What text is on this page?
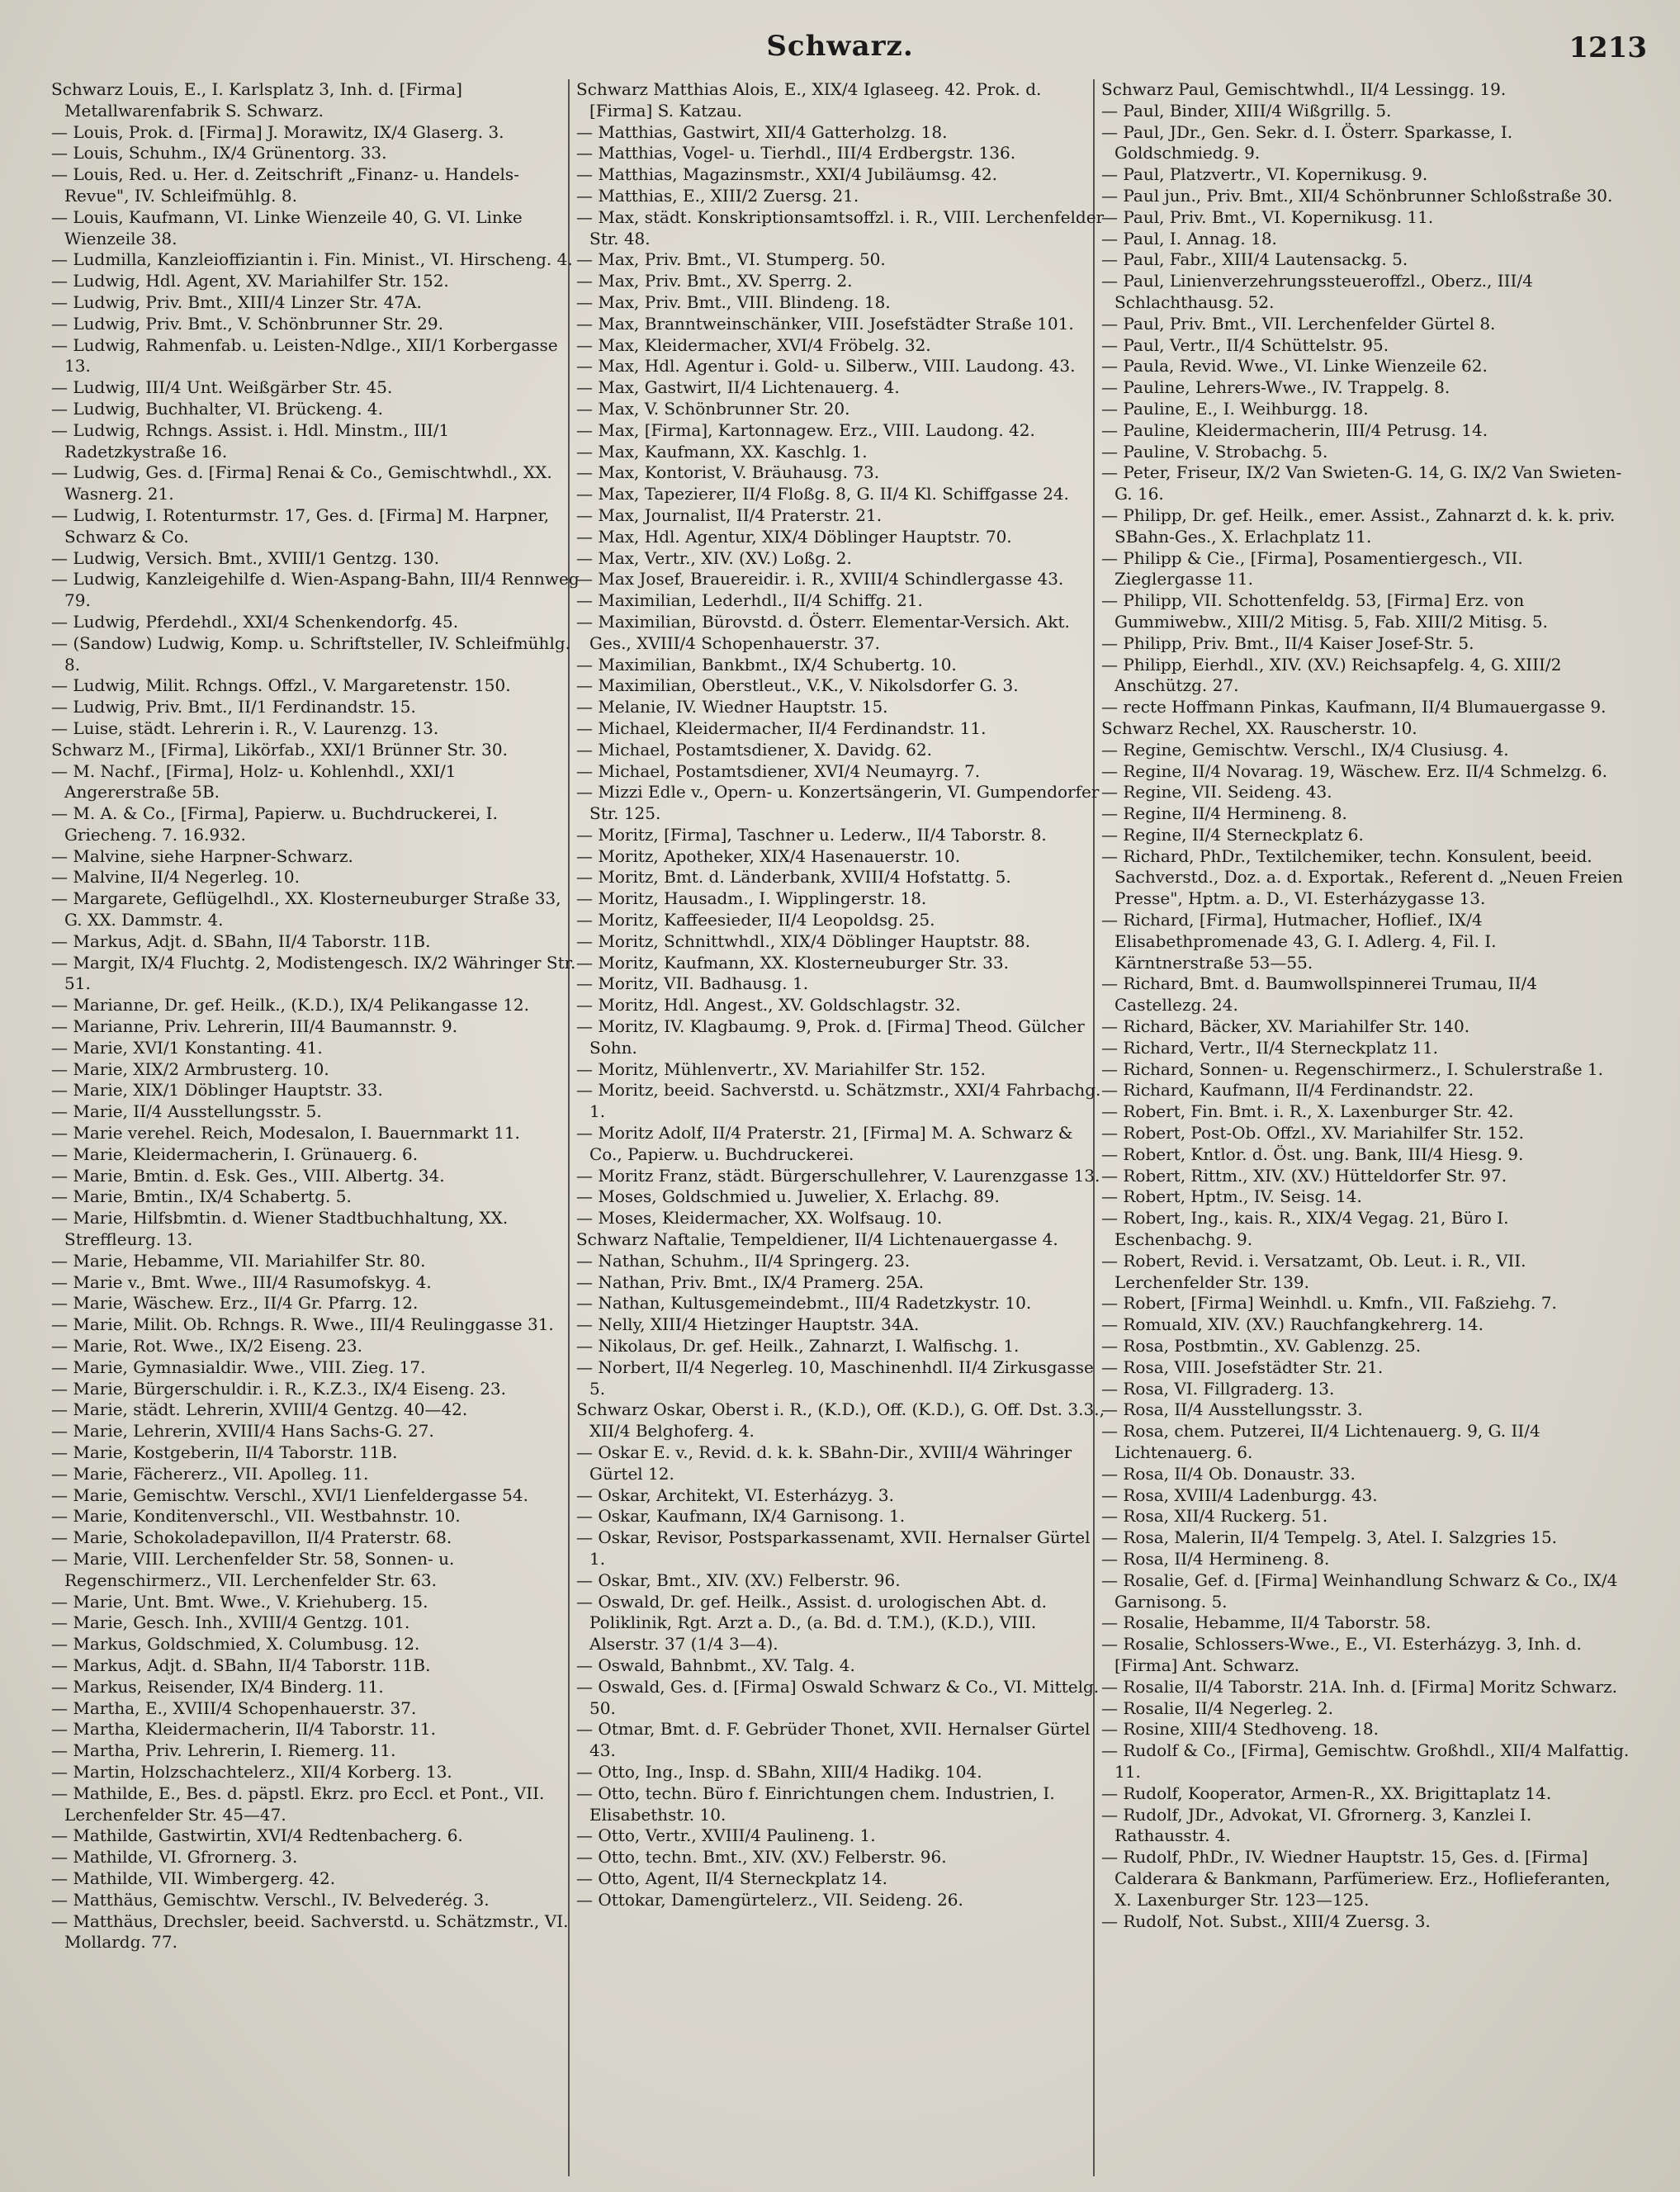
Schwarz.	1213

Schwarz Louis, E., I. Karlsplatz 3, Inh. d. [Firma] Metallwarenfabrik S. Schwarz.

— Louis, Prok. d. [Firma] J. Morawitz, IX/4 Glaserg. 3.

— Louis, Schuhm., IX/4 Grünentorg. 33.

— Louis, Red. u. Her. d. Zeitschrift „Finanz- u. Handels-Revue", IV. Schleifmühlg. 8.

— Louis, Kaufmann, VI. Linke Wienzeile 40, G. VI. Linke Wienzeile 38.

— Ludmilla, Kanzleioffiziantin i. Fin. Minist., VI. Hirscheng. 4.

— Ludwig, Hdl. Agent, XV. Mariahilfer Str. 152.

— Ludwig, Priv. Bmt., XIII/4 Linzer Str. 47A.

— Ludwig, Priv. Bmt., V. Schönbrunner Str. 29.

— Ludwig, Rahmenfab. u. Leisten-Ndlge., XII/1 Korbergasse 13.

— Ludwig, III/4 Unt. Weißgärber Str. 45.

— Ludwig, Buchhalter, VI. Brückeng. 4.

— Ludwig, Rchngs. Assist. i. Hdl. Minstm., III/1 Radetzkystraße 16.

— Ludwig, Ges. d. [Firma] Renai & Co., Gemischtwhdl., XX. Wasnerg. 21.

— Ludwig, I. Rotenturmstr. 17, Ges. d. [Firma] M. Harpner, Schwarz & Co.

— Ludwig, Versich. Bmt., XVIII/1 Gentzg. 130.

— Ludwig, Kanzleigehilfe d. Wien-Aspang-Bahn, III/4 Rennweg 79.

— Ludwig, Pferdehdl., XXI/4 Schenkendorfg. 45.

— (Sandow) Ludwig, Komp. u. Schriftsteller, IV. Schleifmühlg. 8.

— Ludwig, Milit. Rchngs. Offzl., V. Margaretenstr. 150.

— Ludwig, Priv. Bmt., II/1 Ferdinandstr. 15.

— Luise, städt. Lehrerin i. R., V. Laurenzg. 13.

Schwarz M., [Firma], Likörfab., XXI/1 Brünner Str. 30.

— M. Nachf., [Firma], Holz- u. Kohlenhdl., XXI/1 Angererstraße 5B.

— M. A. & Co., [Firma], Papierw. u. Buchdruckerei, I. Griecheng. 7. 16.932.

— Malvine, siehe Harpner-Schwarz.

— Malvine, II/4 Negerleg. 10.

— Margarete, Geflügelhdl., XX. Klosterneuburger Straße 33, G. XX. Dammstr. 4.

— Markus, Adjt. d. SBahn, II/4 Taborstr. 11B.

— Margit, IX/4 Fluchtg. 2, Modistengesch. IX/2 Währinger Str. 51.

— Marianne, Dr. gef. Heilk., (K.D.), IX/4 Pelikangasse 12.

— Marianne, Priv. Lehrerin, III/4 Baumannstr. 9.

— Marie, XVI/1 Konstanting. 41.

— Marie, XIX/2 Armbrusterg. 10.

— Marie, XIX/1 Döblinger Hauptstr. 33.

— Marie, II/4 Ausstellungsstr. 5.

— Marie verehel. Reich, Modesalon, I. Bauernmarkt 11.

— Marie, Kleidermacherin, I. Grünauerg. 6.

— Marie, Bmtin. d. Esk. Ges., VIII. Albertg. 34.

— Marie, Bmtin., IX/4 Schabertg. 5.

— Marie, Hilfsbmtin. d. Wiener Stadtbuchhaltung, XX. Streffleurg. 13.

— Marie, Hebamme, VII. Mariahilfer Str. 80.

— Marie v., Bmt. Wwe., III/4 Rasumofskyg. 4.

— Marie, Wäschew. Erz., II/4 Gr. Pfarrg. 12.

— Marie, Milit. Ob. Rchngs. R. Wwe., III/4 Reulinggasse 31.

— Marie, Rot. Wwe., IX/2 Eiseng. 23.

— Marie, Gymnasialdir. Wwe., VIII. Zieg. 17.

— Marie, Bürgerschuldir. i. R., K.Z.3., IX/4 Eiseng. 23.

— Marie, städt. Lehrerin, XVIII/4 Gentzg. 40—42.

— Marie, Lehrerin, XVIII/4 Hans Sachs-G. 27.

— Marie, Kostgeberin, II/4 Taborstr. 11B.

— Marie, Fächererz., VII. Apolleg. 11.

— Marie, Gemischtw. Verschl., XVI/1 Lienfeldergasse 54.

— Marie, Konditenverschl., VII. Westbahnstr. 10.

— Marie, Schokoladepavillon, II/4 Praterstr. 68.

— Marie, VIII. Lerchenfelder Str. 58, Sonnen- u. Regenschirmerz., VII. Lerchenfelder Str. 63.

— Marie, Unt. Bmt. Wwe., V. Kriehuberg. 15.

— Marie, Gesch. Inh., XVIII/4 Gentzg. 101.

— Markus, Goldschmied, X. Columbusg. 12.

— Markus, Adjt. d. SBahn, II/4 Taborstr. 11B.

— Markus, Reisender, IX/4 Binderg. 11.

— Martha, E., XVIII/4 Schopenhauerstr. 37.

— Martha, Kleidermacherin, II/4 Taborstr. 11.

— Martha, Priv. Lehrerin, I. Riemerg. 11.

— Martin, Holzschachtelerz., XII/4 Korberg. 13.

— Mathilde, E., Bes. d. päpstl. Ekrz. pro Eccl. et Pont., VII. Lerchenfelder Str. 45—47.

— Mathilde, Gastwirtin, XVI/4 Redtenbacherg. 6.

— Mathilde, VI. Gfrornerg. 3.

— Mathilde, VII. Wimbergerg. 42.

— Matthäus, Gemischtw. Verschl., IV. Belvederég. 3.

— Matthäus, Drechsler, beeid. Sachverstd. u. Schätzmstr., VI. Mollardg. 77.

Schwarz Matthias Alois, E., XIX/4 Iglaseeg. 42. Prok. d. [Firma] S. Katzau.

— Matthias, Gastwirt, XII/4 Gatterholzg. 18.

— Matthias, Vogel- u. Tierhdl., III/4 Erdbergstr. 136.

— Matthias, Magazinsmstr., XXI/4 Jubiläumsg. 42.

— Matthias, E., XIII/2 Zuersg. 21.

— Max, städt. Konskriptionsamtsoffzl. i. R., VIII. Lerchenfelder Str. 48.

— Max, Priv. Bmt., VI. Stumperg. 50.

— Max, Priv. Bmt., XV. Sperrg. 2.

— Max, Priv. Bmt., VIII. Blindeng. 18.

— Max, Branntweinschänker, VIII. Josefstädter Straße 101.

— Max, Kleidermacher, XVI/4 Fröbelg. 32.

— Max, Hdl. Agentur i. Gold- u. Silberw., VIII. Laudong. 43.

— Max, Gastwirt, II/4 Lichtenauerg. 4.

— Max, V. Schönbrunner Str. 20.

— Max, [Firma], Kartonnagew. Erz., VIII. Laudong. 42.

— Max, Kaufmann, XX. Kaschlg. 1.

— Max, Kontorist, V. Bräuhausg. 73.

— Max, Tapezierer, II/4 Floßg. 8, G. II/4 Kl. Schiffgasse 24.

— Max, Journalist, II/4 Praterstr. 21.

— Max, Hdl. Agentur, XIX/4 Döblinger Hauptstr. 70.

— Max, Vertr., XIV. (XV.) Loßg. 2.

— Max Josef, Brauereidir. i. R., XVIII/4 Schindlergasse 43.

— Maximilian, Lederhdl., II/4 Schiffg. 21.

— Maximilian, Bürovstd. d. Österr. Elementar-Versich. Akt. Ges., XVIII/4 Schopenhauerstr. 37.

— Maximilian, Bankbmt., IX/4 Schubertg. 10.

— Maximilian, Oberstleut., V.K., V. Nikolsdorfer G. 3.

— Melanie, IV. Wiedner Hauptstr. 15.

— Michael, Kleidermacher, II/4 Ferdinandstr. 11.

— Michael, Postamtsdiener, X. Davidg. 62.

— Michael, Postamtsdiener, XVI/4 Neumayrg. 7.

— Mizzi Edle v., Opern- u. Konzertsängerin, VI. Gumpendorfer Str. 125.

— Moritz, [Firma], Taschner u. Lederw., II/4 Taborstr. 8.

— Moritz, Apotheker, XIX/4 Hasenauerstr. 10.

— Moritz, Bmt. d. Länderbank, XVIII/4 Hofstattg. 5.

— Moritz, Hausadm., I. Wipplingerstr. 18.

— Moritz, Kaffeesieder, II/4 Leopoldsg. 25.

— Moritz, Schnittwhdl., XIX/4 Döblinger Hauptstr. 88.

— Moritz, Kaufmann, XX. Klosterneuburger Str. 33.

— Moritz, VII. Badhausg. 1.

— Moritz, Hdl. Angest., XV. Goldschlagstr. 32.

— Moritz, IV. Klagbaumg. 9, Prok. d. [Firma] Theod. Gülcher Sohn.

— Moritz, Mühlenvertr., XV. Mariahilfer Str. 152.

— Moritz, beeid. Sachverstd. u. Schätzmstr., XXI/4 Fahrbachg. 1.

— Moritz Adolf, II/4 Praterstr. 21, [Firma] M. A. Schwarz & Co., Papierw. u. Buchdruckerei.

— Moritz Franz, städt. Bürgerschullehrer, V. Laurenzgasse 13.

— Moses, Goldschmied u. Juwelier, X. Erlachg. 89.

— Moses, Kleidermacher, XX. Wolfsaug. 10.

Schwarz Naftalie, Tempeldiener, II/4 Lichtenauergasse 4.

— Nathan, Schuhm., II/4 Springerg. 23.

— Nathan, Priv. Bmt., IX/4 Pramerg. 25A.

— Nathan, Kultusgemeindebmt., III/4 Radetzkystr. 10.

— Nelly, XIII/4 Hietzinger Hauptstr. 34A.

— Nikolaus, Dr. gef. Heilk., Zahnarzt, I. Walfischg. 1.

— Norbert, II/4 Negerleg. 10, Maschinenhdl. II/4 Zirkusgasse 5.

Schwarz Oskar, Oberst i. R., (K.D.), Off. (K.D.), G. Off. Dst. 3.3., XII/4 Belghoferg. 4.

— Oskar E. v., Revid. d. k. k. SBahn-Dir., XVIII/4 Währinger Gürtel 12.

— Oskar, Architekt, VI. Esterházyg. 3.

— Oskar, Kaufmann, IX/4 Garnisong. 1.

— Oskar, Revisor, Postsparkassenamt, XVII. Hernalser Gürtel 1.

— Oskar, Bmt., XIV. (XV.) Felberstr. 96.

— Oswald, Dr. gef. Heilk., Assist. d. urologischen Abt. d. Poliklinik, Rgt. Arzt a. D., (a. Bd. d. T.M.), (K.D.), VIII. Alserstr. 37 (1/4 3—4).

— Oswald, Bahnbmt., XV. Talg. 4.

— Oswald, Ges. d. [Firma] Oswald Schwarz & Co., VI. Mittelg. 50.

— Otmar, Bmt. d. F. Gebrüder Thonet, XVII. Hernalser Gürtel 43.

— Otto, Ing., Insp. d. SBahn, XIII/4 Hadikg. 104.

— Otto, techn. Büro f. Einrichtungen chem. Industrien, I. Elisabethstr. 10.

— Otto, Vertr., XVIII/4 Paulineng. 1.

— Otto, techn. Bmt., XIV. (XV.) Felberstr. 96.

— Otto, Agent, II/4 Sterneckplatz 14.

— Ottokar, Damengürtelerz., VII. Seideng. 26.

Schwarz Paul, Gemischtwhdl., II/4 Lessingg. 19.

— Paul, Binder, XIII/4 Wißgrillg. 5.

— Paul, JDr., Gen. Sekr. d. I. Österr. Sparkasse, I. Goldschmiedg. 9.

— Paul, Platzvertr., VI. Kopernikusg. 9.

— Paul jun., Priv. Bmt., XII/4 Schönbrunner Schloßstraße 30.

— Paul, Priv. Bmt., VI. Kopernikusg. 11.

— Paul, I. Annag. 18.

— Paul, Fabr., XIII/4 Lautensackg. 5.

— Paul, Linienverzehrungssteueroffzl., Oberz., III/4 Schlachthausg. 52.

— Paul, Priv. Bmt., VII. Lerchenfelder Gürtel 8.

— Paul, Vertr., II/4 Schüttelstr. 95.

— Paula, Revid. Wwe., VI. Linke Wienzeile 62.

— Pauline, Lehrers-Wwe., IV. Trappelg. 8.

— Pauline, E., I. Weihburgg. 18.

— Pauline, Kleidermacherin, III/4 Petrusg. 14.

— Pauline, V. Strobachg. 5.

— Peter, Friseur, IX/2 Van Swieten-G. 14, G. IX/2 Van Swieten-G. 16.

— Philipp, Dr. gef. Heilk., emer. Assist., Zahnarzt d. k. k. priv. SBahn-Ges., X. Erlachplatz 11.

— Philipp & Cie., [Firma], Posamentiergesch., VII. Zieglergasse 11.

— Philipp, VII. Schottenfeldg. 53, [Firma] Erz. von Gummiwebw., XIII/2 Mitisg. 5, Fab. XIII/2 Mitisg. 5.

— Philipp, Priv. Bmt., II/4 Kaiser Josef-Str. 5.

— Philipp, Eierhdl., XIV. (XV.) Reichsapfelg. 4, G. XIII/2 Anschützg. 27.

— recte Hoffmann Pinkas, Kaufmann, II/4 Blumauergasse 9.

Schwarz Rechel, XX. Rauscherstr. 10.

— Regine, Gemischtw. Verschl., IX/4 Clusiusg. 4.

— Regine, II/4 Novarag. 19, Wäschew. Erz. II/4 Schmelzg. 6.

— Regine, VII. Seideng. 43.

— Regine, II/4 Hermineng. 8.

— Regine, II/4 Sterneckplatz 6.

— Richard, PhDr., Textilchemiker, techn. Konsulent, beeid. Sachverstd., Doz. a. d. Exportak., Referent d. „Neuen Freien Presse", Hptm. a. D., VI. Esterházygasse 13.

— Richard, [Firma], Hutmacher, Hoflief., IX/4 Elisabethpromenade 43, G. I. Adlerg. 4, Fil. I. Kärntnerstraße 53—55.

— Richard, Bmt. d. Baumwollspinnerei Trumau, II/4 Castellezg. 24.

— Richard, Bäcker, XV. Mariahilfer Str. 140.

— Richard, Vertr., II/4 Sterneckplatz 11.

— Richard, Sonnen- u. Regenschirmerz., I. Schulerstraße 1.

— Richard, Kaufmann, II/4 Ferdinandstr. 22.

— Robert, Fin. Bmt. i. R., X. Laxenburger Str. 42.

— Robert, Post-Ob. Offzl., XV. Mariahilfer Str. 152.

— Robert, Kntlor. d. Öst. ung. Bank, III/4 Hiesg. 9.

— Robert, Rittm., XIV. (XV.) Hütteldorfer Str. 97.

— Robert, Hptm., IV. Seisg. 14.

— Robert, Ing., kais. R., XIX/4 Vegag. 21, Büro I. Eschenbachg. 9.

— Robert, Revid. i. Versatzamt, Ob. Leut. i. R., VII. Lerchenfelder Str. 139.

— Robert, [Firma] Weinhdl. u. Kmfn., VII. Faßziehg. 7.

— Romuald, XIV. (XV.) Rauchfangkehrerg. 14.

— Rosa, Postbmtin., XV. Gablenzg. 25.

— Rosa, VIII. Josefstädter Str. 21.

— Rosa, VI. Fillgraderg. 13.

— Rosa, II/4 Ausstellungsstr. 3.

— Rosa, chem. Putzerei, II/4 Lichtenauerg. 9, G. II/4 Lichtenauerg. 6.

— Rosa, II/4 Ob. Donaustr. 33.

— Rosa, XVIII/4 Ladenburgg. 43.

— Rosa, XII/4 Ruckerg. 51.

— Rosa, Malerin, II/4 Tempelg. 3, Atel. I. Salzgries 15.

— Rosa, II/4 Hermineng. 8.

— Rosalie, Gef. d. [Firma] Weinhandlung Schwarz & Co., IX/4 Garnisong. 5.

— Rosalie, Hebamme, II/4 Taborstr. 58.

— Rosalie, Schlossers-Wwe., E., VI. Esterházyg. 3, Inh. d. [Firma] Ant. Schwarz.

— Rosalie, II/4 Taborstr. 21A. Inh. d. [Firma] Moritz Schwarz.

— Rosalie, II/4 Negerleg. 2.

— Rosine, XIII/4 Stedhoveng. 18.

— Rudolf & Co., [Firma], Gemischtw. Großhdl., XII/4 Malfattig. 11.

— Rudolf, Kooperator, Armen-R., XX. Brigittaplatz 14.

— Rudolf, JDr., Advokat, VI. Gfrornerg. 3, Kanzlei I. Rathausstr. 4.

— Rudolf, PhDr., IV. Wiedner Hauptstr. 15, Ges. d. [Firma] Calderara & Bankmann, Parfümeriew. Erz., Hoflieferanten, X. Laxenburger Str. 123—125.

— Rudolf, Not. Subst., XIII/4 Zuersg. 3.
